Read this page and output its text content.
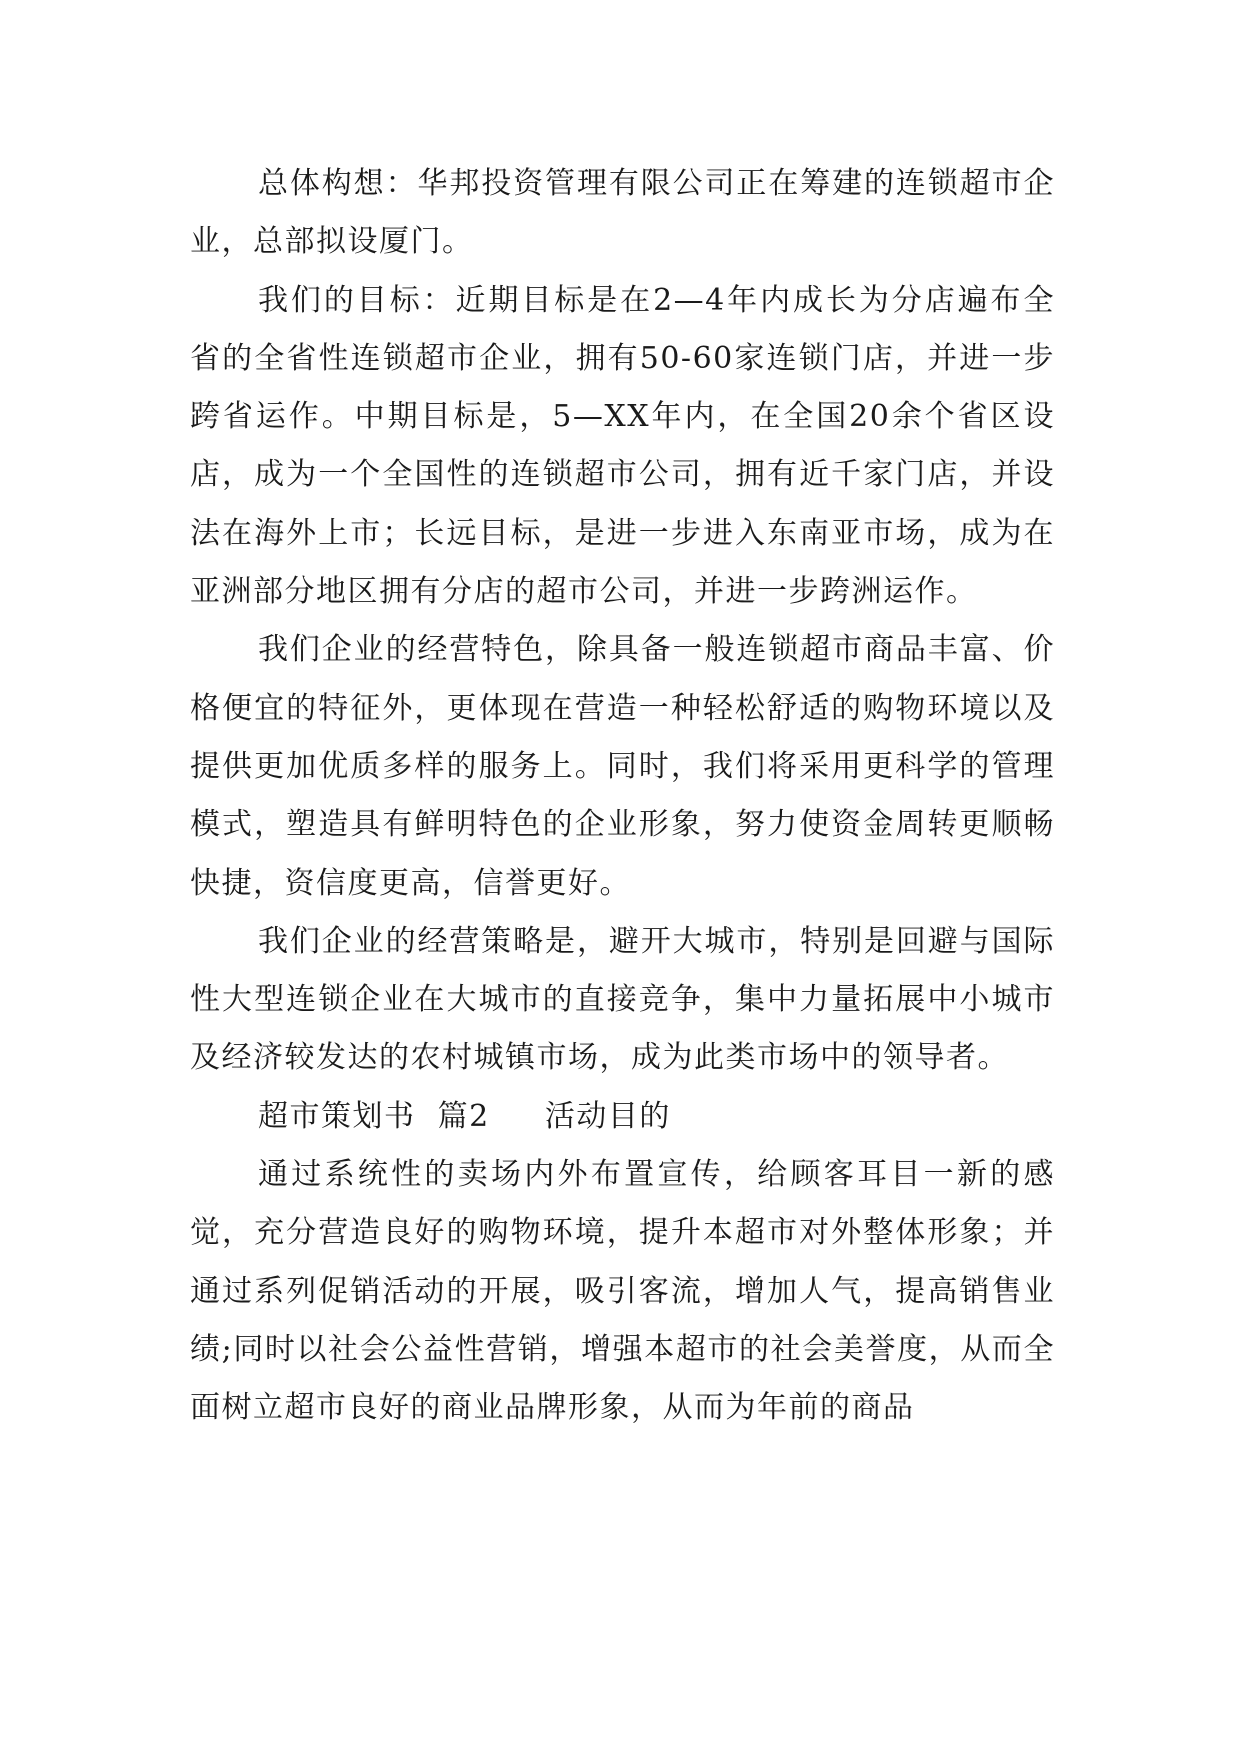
总体构想：华邦投资管理有限公司正在筹建的连锁超市企业，总部拟设厦门。

我们的目标：近期目标是在2—4年内成长为分店遍布全省的全省性连锁超市企业，拥有50-60家连锁门店，并进一步跨省运作。中期目标是，5—XX年内，在全国20余个省区设店，成为一个全国性的连锁超市公司，拥有近千家门店，并设法在海外上市；长远目标，是进一步进入东南亚市场，成为在亚洲部分地区拥有分店的超市公司，并进一步跨洲运作。

我们企业的经营特色，除具备一般连锁超市商品丰富、价格便宜的特征外，更体现在营造一种轻松舒适的购物环境以及提供更加优质多样的服务上。同时，我们将采用更科学的管理模式，塑造具有鲜明特色的企业形象，努力使资金周转更顺畅快捷，资信度更高，信誉更好。

我们企业的经营策略是，避开大城市，特别是回避与国际性大型连锁企业在大城市的直接竞争，集中力量拓展中小城市及经济较发达的农村城镇市场，成为此类市场中的领导者。

超市策划书  篇2     活动目的

通过系统性的卖场内外布置宣传，给顾客耳目一新的感觉，充分营造良好的购物环境，提升本超市对外整体形象；并通过系列促销活动的开展，吸引客流，增加人气，提高销售业绩;同时以社会公益性营销，增强本超市的社会美誉度，从而全面树立超市良好的商业品牌形象，从而为年前的商品
